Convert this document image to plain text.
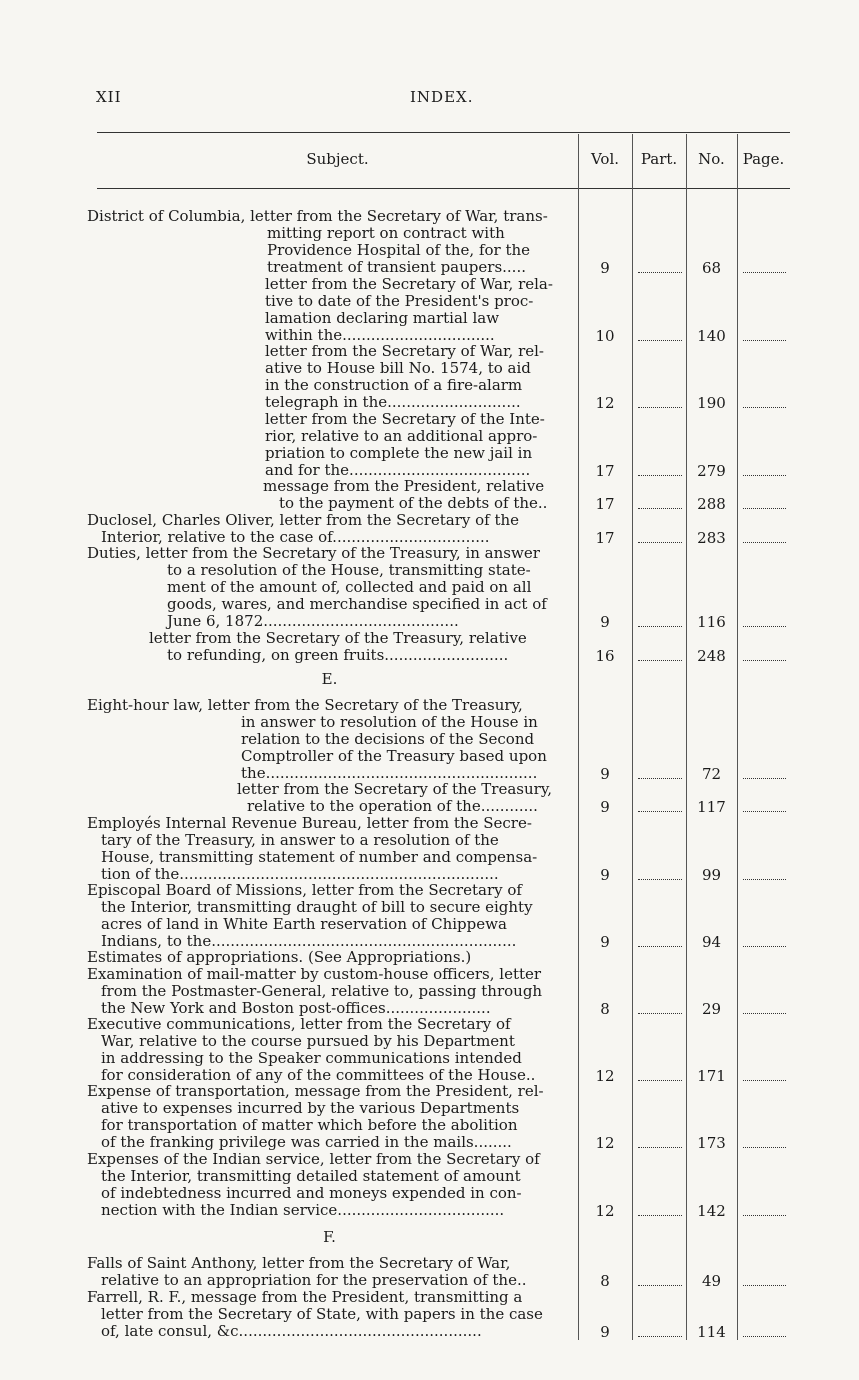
XII	INDEX.
Subject.	Vol.	Part.	No.	Page.
District of Columbia, letter from the Secretary of War, trans-
mitting report on contract with
Providence Hospital of the, for the
treatment of transient paupers.....	9	68
letter from the Secretary of War, rela-
tive to date of the President's proc-
lamation declaring martial law
within the................................	10	140
letter from the Secretary of War, rel-
ative to House bill No. 1574, to aid
in the construction of a fire-alarm
telegraph in the............................	12	190
letter from the Secretary of the Inte-
rior, relative to an additional appro-
priation to complete the new jail in
and for the......................................	17	279
message from the President, relative
to the payment of the debts of the..	17	288
Duclosel, Charles Oliver, letter from the Secretary of the
Interior, relative to the case of.................................	17	283
Duties, letter from the Secretary of the Treasury, in answer
to a resolution of the House, transmitting state-
ment of the amount of, collected and paid on all
goods, wares, and merchandise specified in act of
June 6, 1872.........................................	9	116
letter from the Secretary of the Treasury, relative
to refunding, on green fruits..........................	16	248
E.
Eight-hour law, letter from the Secretary of the Treasury,
in answer to resolution of the House in
relation to the decisions of the Second
Comptroller of the Treasury based upon
the.........................................................	9	72
letter from the Secretary of the Treasury,
relative to the operation of the............	9	117
Employés Internal Revenue Bureau, letter from the Secre-
tary of the Treasury, in answer to a resolution of the
House, transmitting statement of number and compensa-
tion of the...................................................................	9	99
Episcopal Board of Missions, letter from the Secretary of
the Interior, transmitting draught of bill to secure eighty
acres of land in White Earth reservation of Chippewa
Indians, to the................................................................	9	94
Estimates of appropriations. (See Appropriations.)
Examination of mail-matter by custom-house officers, letter
from the Postmaster-General, relative to, passing through
the New York and Boston post-offices......................	8	29
Executive communications, letter from the Secretary of
War, relative to the course pursued by his Department
in addressing to the Speaker communications intended
for consideration of any of the committees of the House..	12	171
Expense of transportation, message from the President, rel-
ative to expenses incurred by the various Departments
for transportation of matter which before the abolition
of the franking privilege was carried in the mails........	12	173
Expenses of the Indian service, letter from the Secretary of
the Interior, transmitting detailed statement of amount
of indebtedness incurred and moneys expended in con-
nection with the Indian service...................................	12	142
F.
Falls of Saint Anthony, letter from the Secretary of War,
relative to an appropriation for the preservation of the..	8	49
Farrell, R. F., message from the President, transmitting a
letter from the Secretary of State, with papers in the case
of, late consul, &c...................................................	9	114
